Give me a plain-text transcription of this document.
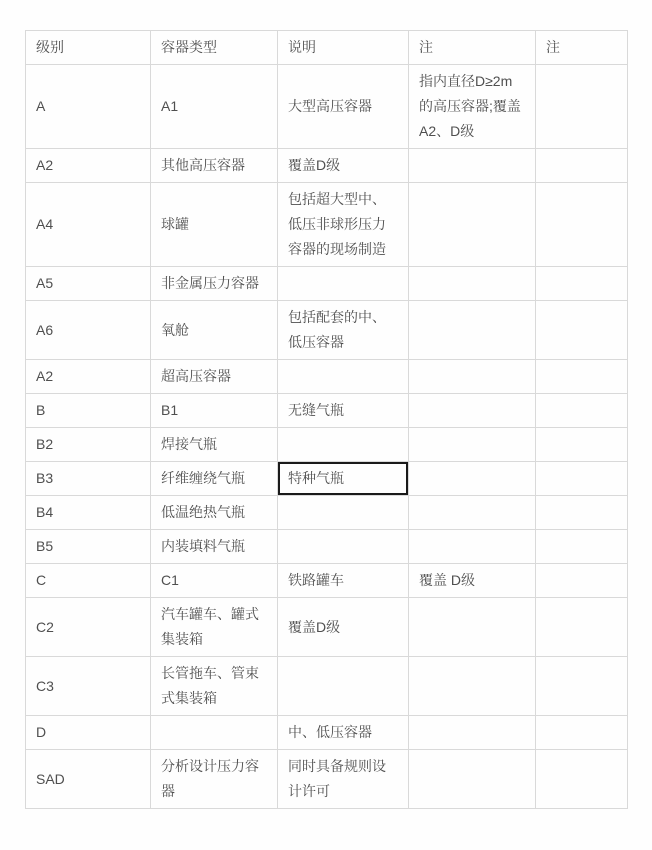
级别	容器类型	说明	注	注
A	A1	大型高压容器	指内直径D≥2m的高压容器;覆盖A2、D级	
A2	其他高压容器	覆盖D级		
A4	球罐	包括超大型中、低压非球形压力容器的现场制造		
A5	非金属压力容器			
A6	氧舱	包括配套的中、低压容器		
A2	超高压容器			
B	B1	无缝气瓶		
B2	焊接气瓶			
B3	纤维缠绕气瓶	特种气瓶		
B4	低温绝热气瓶			
B5	内装填料气瓶			
C	C1	铁路罐车	覆盖 D级	
C2	汽车罐车、罐式集装箱	覆盖D级		
C3	长管拖车、管束式集装箱			
D		中、低压容器		
SAD	分析设计压力容器	同时具备规则设计许可		
